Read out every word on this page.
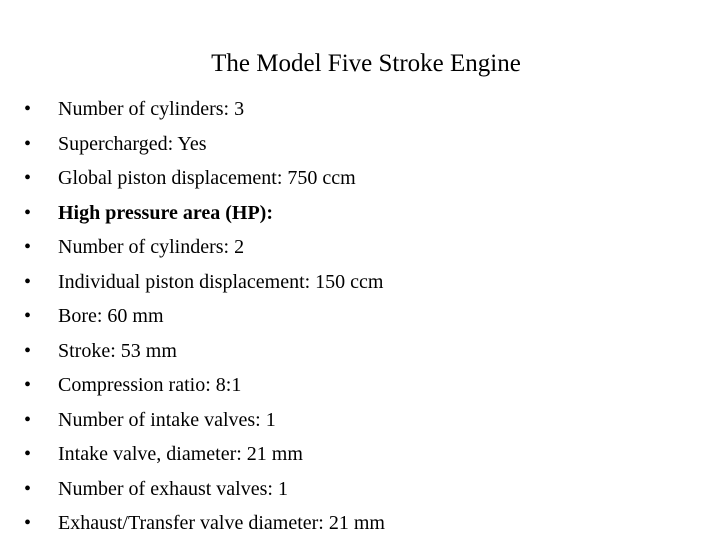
The Model Five Stroke Engine
• Number of cylinders: 3
• Supercharged: Yes
• Global piston displacement: 750 ccm
• High pressure area (HP):
• Number of cylinders: 2
• Individual piston displacement: 150 ccm
• Bore: 60 mm
• Stroke: 53 mm
• Compression ratio: 8:1
• Number of intake valves: 1
• Intake valve, diameter: 21 mm
• Number of exhaust valves: 1
• Exhaust/Transfer valve diameter: 21 mm
